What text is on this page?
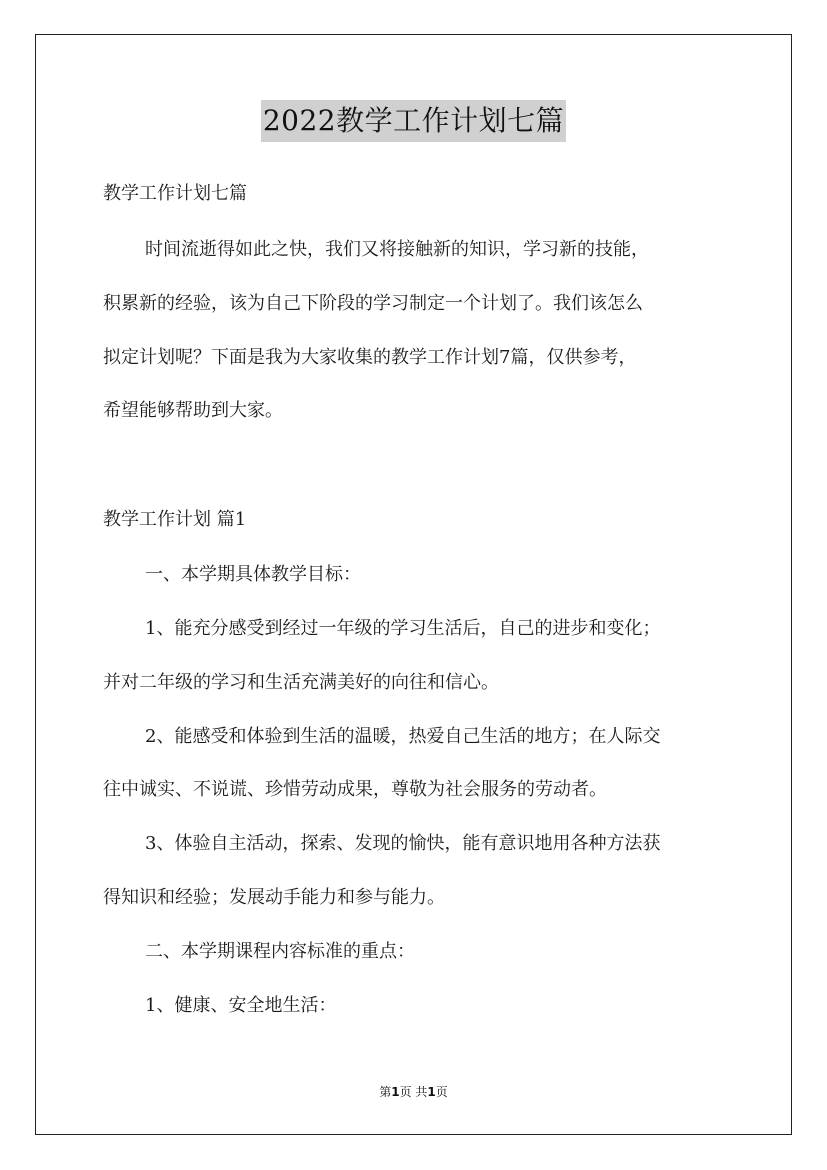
2022教学工作计划七篇
教学工作计划七篇
时间流逝得如此之快，我们又将接触新的知识，学习新的技能，
积累新的经验，该为自己下阶段的学习制定一个计划了。我们该怎么
拟定计划呢？下面是我为大家收集的教学工作计划7篇，仅供参考，
希望能够帮助到大家。
教学工作计划 篇1
一、本学期具体教学目标：
1、能充分感受到经过一年级的学习生活后，自己的进步和变化；
并对二年级的学习和生活充满美好的向往和信心。
2、能感受和体验到生活的温暖，热爱自己生活的地方；在人际交
往中诚实、不说谎、珍惜劳动成果，尊敬为社会服务的劳动者。
3、体验自主活动，探索、发现的愉快，能有意识地用各种方法获
得知识和经验；发展动手能力和参与能力。
二、本学期课程内容标准的重点：
1、健康、安全地生活：
第1页 共1页
